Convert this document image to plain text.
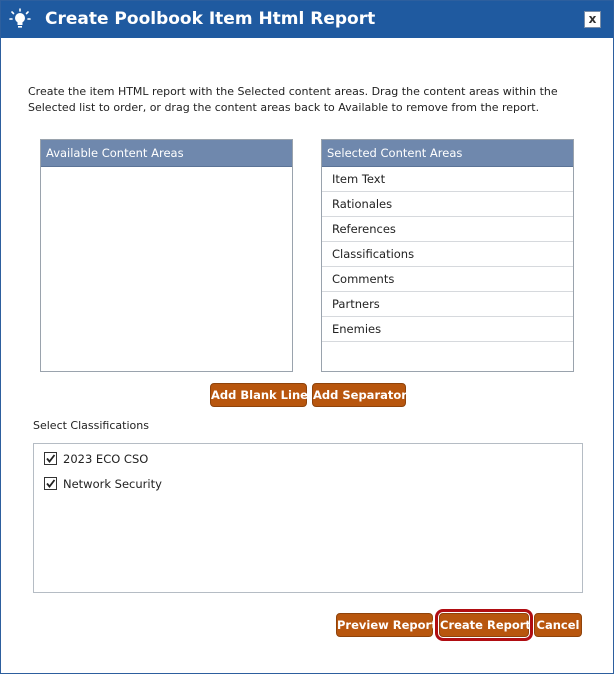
Create Poolbook Item Html Report	x
Create the item HTML report with the Selected content areas. Drag the content areas within the Selected list to order, or drag the content areas back to Available to remove from the report.
Available Content Areas	Selected Content Areas
Item Text
Rationales
References
Classifications
Comments
Partners
Enemies
Add Blank Line Add Separator
Select Classifications
2023 ECO CSO
Network Security
Preview Report Create Report Cancel
